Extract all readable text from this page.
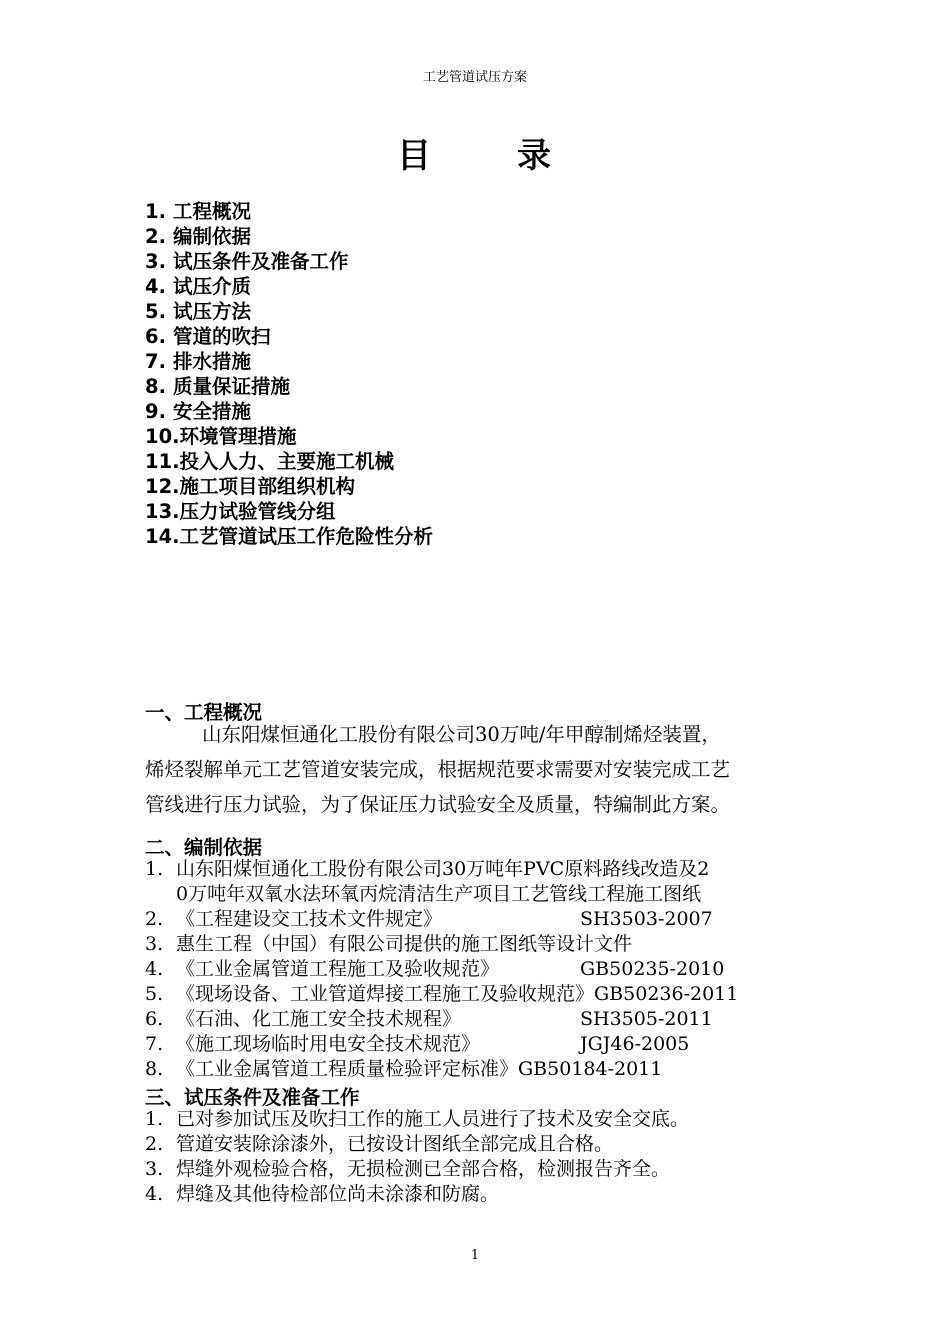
工艺管道试压方案
目 录
1. 工程概况
2. 编制依据
3. 试压条件及准备工作
4. 试压介质
5. 试压方法
6. 管道的吹扫
7. 排水措施
8. 质量保证措施
9. 安全措施
10.环境管理措施
11.投入人力、主要施工机械
12.施工项目部组织机构
13.压力试验管线分组
14.工艺管道试压工作危险性分析
一、工程概况
山东阳煤恒通化工股份有限公司30万吨/年甲醇制烯烃装置，
烯烃裂解单元工艺管道安装完成，根据规范要求需要对安装完成工艺
管线进行压力试验，为了保证压力试验安全及质量，特编制此方案。
二、编制依据
1. 山东阳煤恒通化工股份有限公司30万吨年PVC原料路线改造及2
0万吨年双氧水法环氧丙烷清洁生产项目工艺管线工程施工图纸
2. 《工程建设交工技术文件规定》	SH3503-2007
3. 惠生工程（中国）有限公司提供的施工图纸等设计文件
4. 《工业金属管道工程施工及验收规范》	GB50235-2010
5. 《现场设备、工业管道焊接工程施工及验收规范》GB50236-2011
6. 《石油、化工施工安全技术规程》	SH3505-2011
7. 《施工现场临时用电安全技术规范》	JGJ46-2005
8. 《工业金属管道工程质量检验评定标准》GB50184-2011
三、试压条件及准备工作
1. 已对参加试压及吹扫工作的施工人员进行了技术及安全交底。
2. 管道安装除涂漆外，已按设计图纸全部完成且合格。
3. 焊缝外观检验合格，无损检测已全部合格，检测报告齐全。
4. 焊缝及其他待检部位尚未涂漆和防腐。
1
